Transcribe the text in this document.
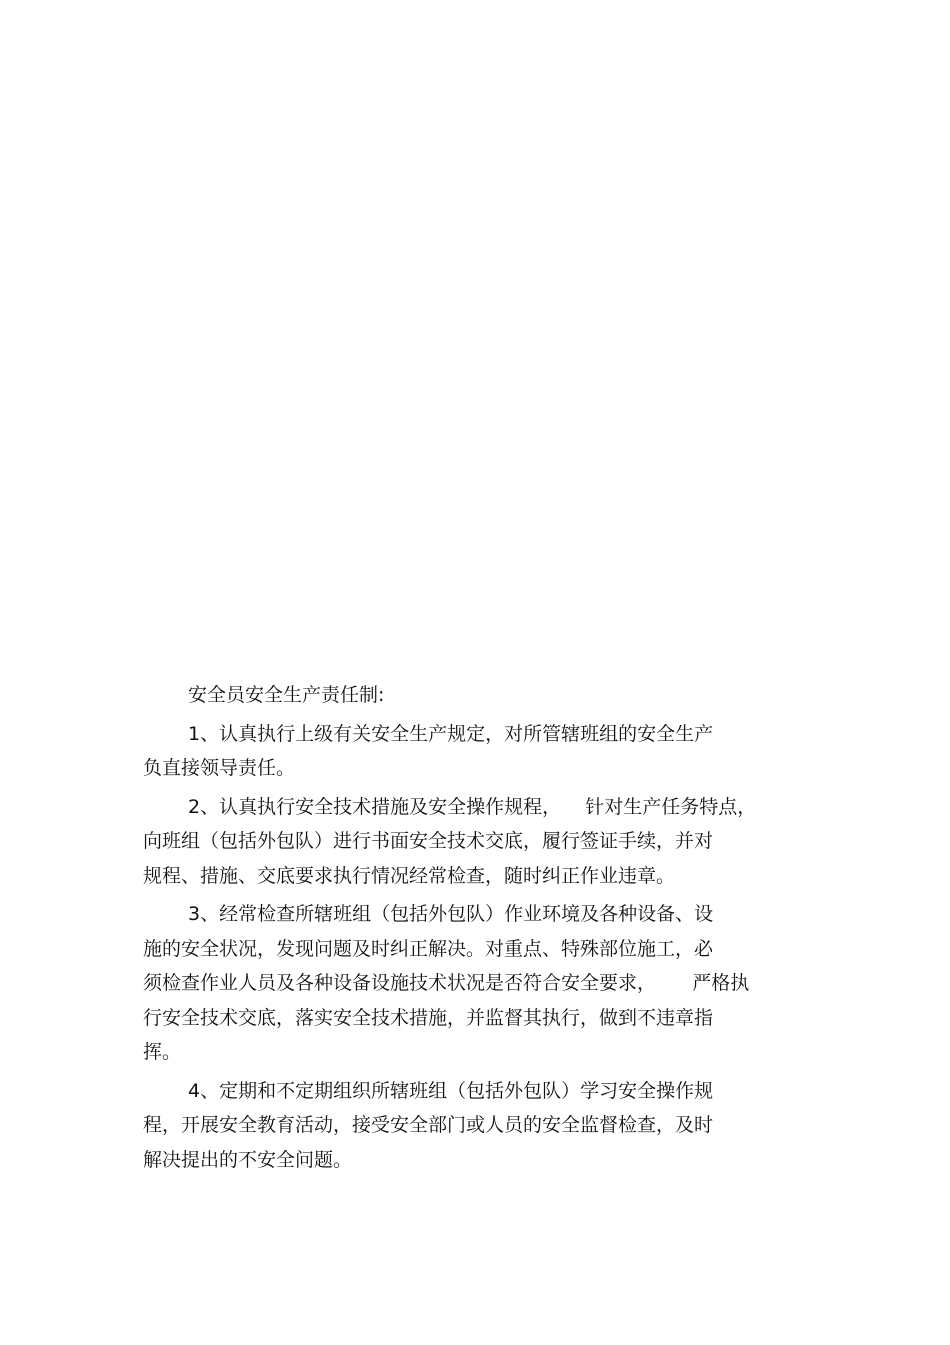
安全员安全生产责任制:
1、认真执行上级有关安全生产规定，对所管辖班组的安全生产
负直接领导责任。
2、认真执行安全技术措施及安全操作规程，    针对生产任务特点，
向班组（包括外包队）进行书面安全技术交底，履行签证手续，并对
规程、措施、交底要求执行情况经常检查，随时纠正作业违章。
3、经常检查所辖班组（包括外包队）作业环境及各种设备、设
施的安全状况，发现问题及时纠正解决。对重点、特殊部位施工，必
须检查作业人员及各种设备设施技术状况是否符合安全要求，      严格执
行安全技术交底，落实安全技术措施，并监督其执行，做到不违章指
挥。
4、定期和不定期组织所辖班组（包括外包队）学习安全操作规
程，开展安全教育活动，接受安全部门或人员的安全监督检查，及时
解决提出的不安全问题。
